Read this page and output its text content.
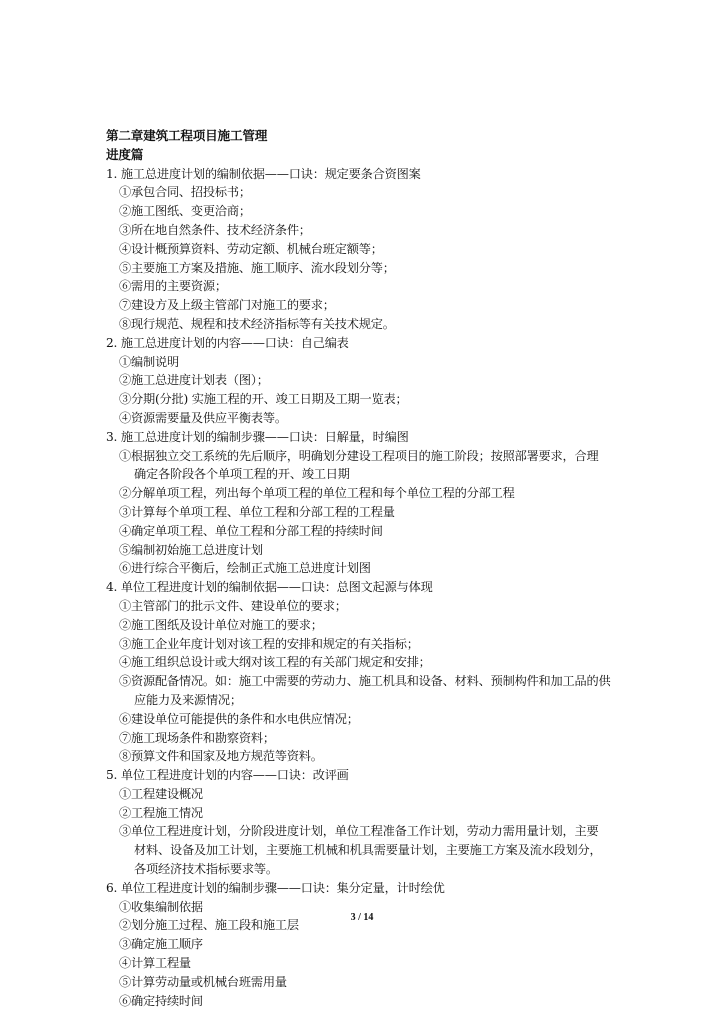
第二章建筑工程项目施工管理
进度篇
1. 施工总进度计划的编制依据——口诀：规定要条合资图案
①承包合同、招投标书；
②施工图纸、变更洽商；
③所在地自然条件、技术经济条件；
④设计概预算资料、劳动定额、机械台班定额等；
⑤主要施工方案及措施、施工顺序、流水段划分等；
⑥需用的主要资源；
⑦建设方及上级主管部门对施工的要求；
⑧现行规范、规程和技术经济指标等有关技术规定。
2. 施工总进度计划的内容——口诀：自己编表
①编制说明
②施工总进度计划表（图）；
③分期(分批) 实施工程的开、竣工日期及工期一览表；
④资源需要量及供应平衡表等。
3. 施工总进度计划的编制步骤——口诀：日解量，时编图
①根据独立交工系统的先后顺序，明确划分建设工程项目的施工阶段；按照部署要求，合理
确定各阶段各个单项工程的开、竣工日期
②分解单项工程，列出每个单项工程的单位工程和每个单位工程的分部工程
③计算每个单项工程、单位工程和分部工程的工程量
④确定单项工程、单位工程和分部工程的持续时间
⑤编制初始施工总进度计划
⑥进行综合平衡后，绘制正式施工总进度计划图
4. 单位工程进度计划的编制依据——口诀：总图文起源与体现
①主管部门的批示文件、建设单位的要求；
②施工图纸及设计单位对施工的要求；
③施工企业年度计划对该工程的安排和规定的有关指标；
④施工组织总设计或大纲对该工程的有关部门规定和安排；
⑤资源配备情况。如：施工中需要的劳动力、施工机具和设备、材料、预制构件和加工品的供
应能力及来源情况；
⑥建设单位可能提供的条件和水电供应情况；
⑦施工现场条件和勘察资料；
⑧预算文件和国家及地方规范等资料。
5. 单位工程进度计划的内容——口诀：改评画
①工程建设概况
②工程施工情况
③单位工程进度计划，分阶段进度计划，单位工程准备工作计划，劳动力需用量计划，主要
材料、设备及加工计划，主要施工机械和机具需要量计划，主要施工方案及流水段划分，
各项经济技术指标要求等。
6. 单位工程进度计划的编制步骤——口诀：集分定量，计时绘优
①收集编制依据
②划分施工过程、施工段和施工层
③确定施工顺序
④计算工程量
⑤计算劳动量或机械台班需用量
⑥确定持续时间
3 / 14
